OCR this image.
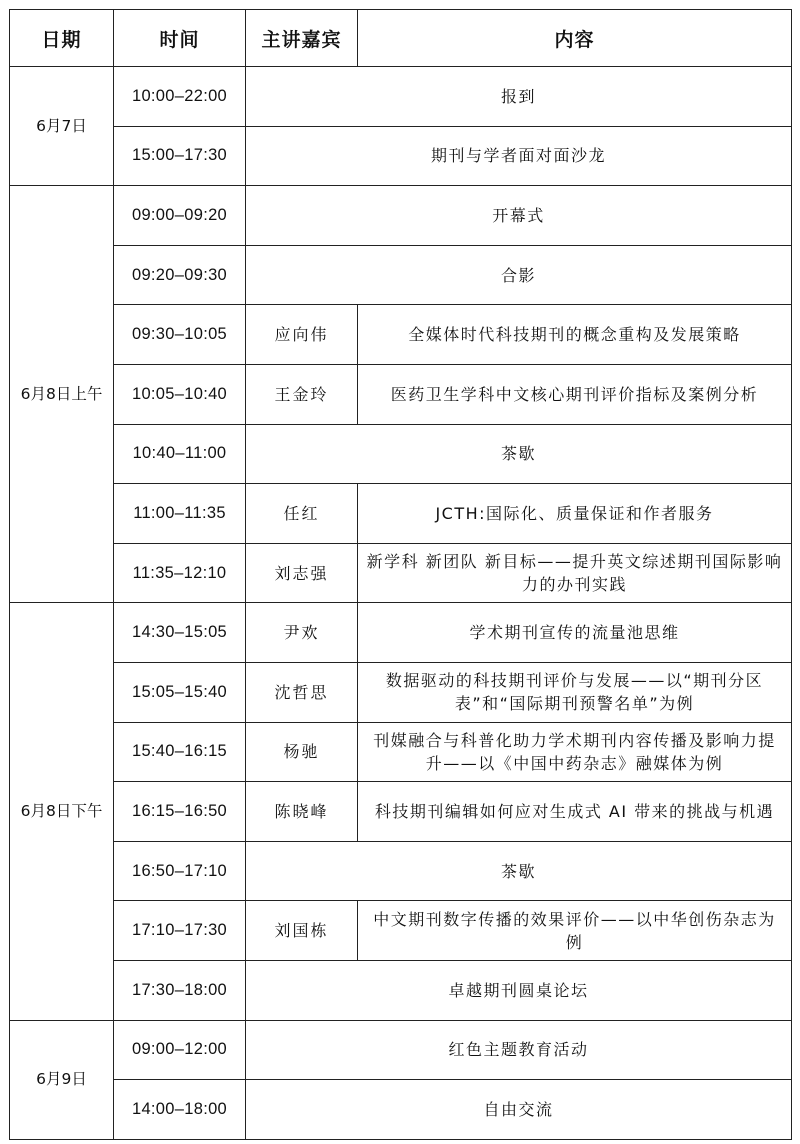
日期	时间	主讲嘉宾	内容
6月7日	10:00–22:00	报到	
	15:00–17:30	期刊与学者面对面沙龙	
6月8日上午	09:00–09:20	开幕式	
	09:20–09:30	合影	
	09:30–10:05	应向伟	全媒体时代科技期刊的概念重构及发展策略
	10:05–10:40	王金玲	医药卫生学科中文核心期刊评价指标及案例分析
	10:40–11:00	茶歇	
	11:00–11:35	任红	JCTH:国际化、质量保证和作者服务
	11:35–12:10	刘志强	新学科 新团队 新目标——提升英文综述期刊国际影响力的办刊实践
6月8日下午	14:30–15:05	尹欢	学术期刊宣传的流量池思维
	15:05–15:40	沈哲思	数据驱动的科技期刊评价与发展——以“期刊分区表”和“国际期刊预警名单”为例
	15:40–16:15	杨驰	刊媒融合与科普化助力学术期刊内容传播及影响力提升——以《中国中药杂志》融媒体为例
	16:15–16:50	陈晓峰	科技期刊编辑如何应对生成式 AI 带来的挑战与机遇
	16:50–17:10	茶歇	
	17:10–17:30	刘国栋	中文期刊数字传播的效果评价——以中华创伤杂志为例
	17:30–18:00	卓越期刊圆桌论坛	
6月9日	09:00–12:00	红色主题教育活动	
	14:00–18:00	自由交流	
